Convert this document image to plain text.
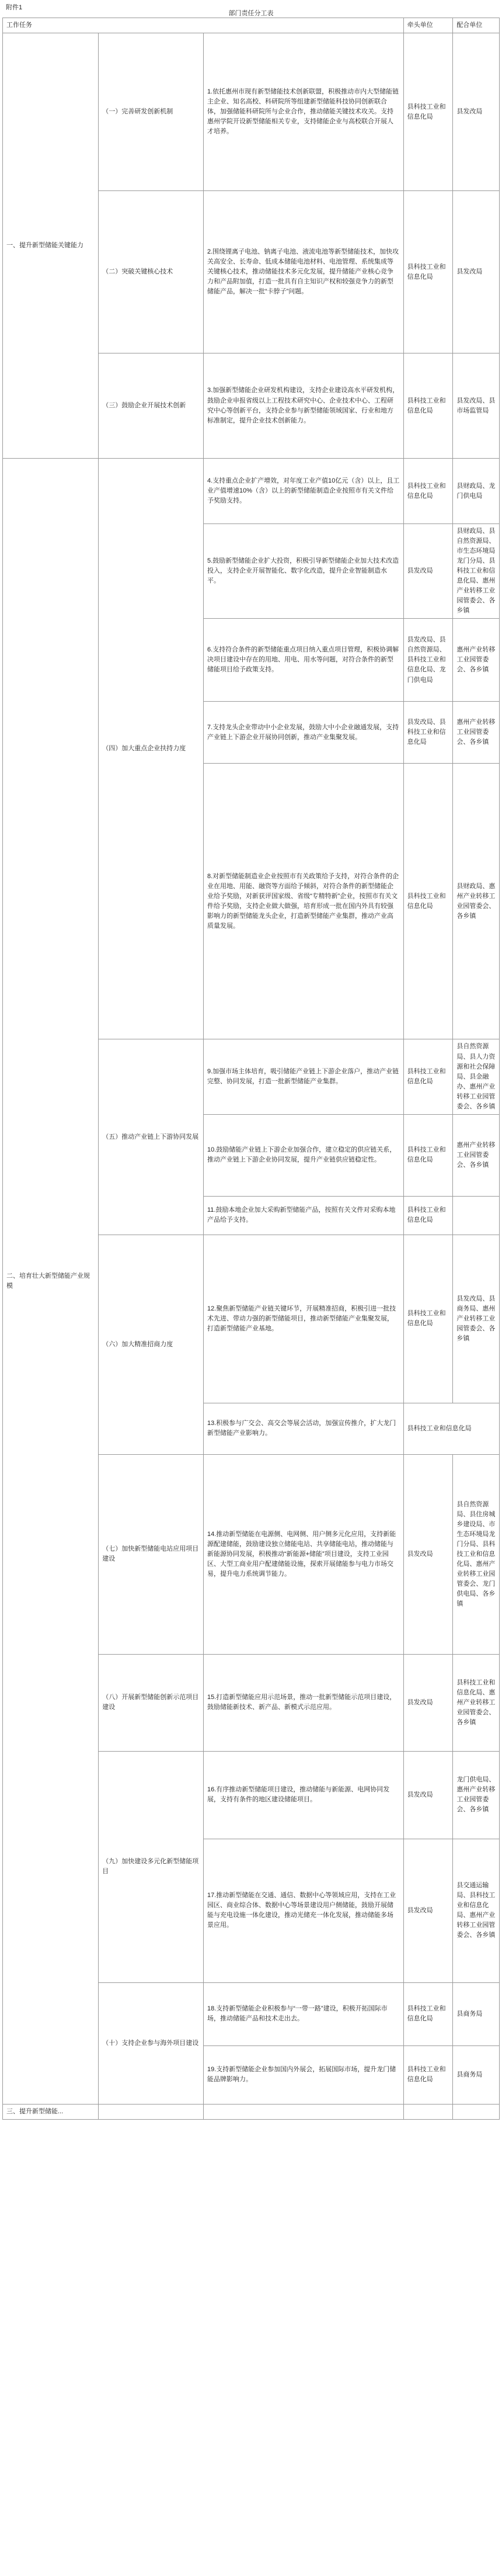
附件1
部门责任分工表
工作任务			牵头单位	配合单位
一、提升新型储能关键能力	（一）完善研发创新机制	1.依托惠州市现有新型储能技术创新联盟，积极推动市内大型储能链主企业、知名高校、科研院所等组建新型储能科技协同创新联合体，加强储能科研院所与企业合作，推动储能关键技术攻关。支持惠州学院开设新型储能相关专业，支持储能企业与高校联合开展人才培养。	县科技工业和信息化局	县发改局
	（二）突破关键核心技术	2.围绕锂离子电池、钠离子电池、液流电池等新型储能技术，加快攻关高安全、长寿命、低成本储能电池材料、电池管理、系统集成等关键核心技术，推动储能技术多元化发展，提升储能产业核心竞争力和产品附加值，打造一批具有自主知识产权和较强竞争力的新型储能产品，解决一批“卡脖子”问题。	县科技工业和信息化局	县发改局
	（三）鼓励企业开展技术创新	3.加强新型储能企业研发机构建设，支持企业建设高水平研发机构，鼓励企业申报省级以上工程技术研究中心、企业技术中心、工程研究中心等创新平台，支持企业参与新型储能领域国家、行业和地方标准制定，提升企业技术创新能力。	县科技工业和信息化局	县发改局、县市场监管局
二、培育壮大新型储能产业规模	（四）加大重点企业扶持力度	4.支持重点企业扩产增效，对年度工业产值10亿元（含）以上，且工业产值增速10%（含）以上的新型储能制造企业按照市有关文件给予奖励支持。	县科技工业和信息化局	县财政局、龙门供电局
		5.鼓励新型储能企业扩大投资，积极引导新型储能企业加大技术改造投入，支持企业开展智能化、数字化改造，提升企业智能制造水平。	县发改局	县财政局、县自然资源局、市生态环境局龙门分局、县科技工业和信息化局、惠州产业转移工业园管委会、各乡镇
		6.支持符合条件的新型储能重点项目纳入重点项目管理，积极协调解决项目建设中存在的用地、用电、用水等问题，对符合条件的新型储能项目给予政策支持。	县发改局、县自然资源局、县科技工业和信息化局、龙门供电局	惠州产业转移工业园管委会、各乡镇
		7.支持龙头企业带动中小企业发展，鼓励大中小企业融通发展，支持产业链上下游企业开展协同创新，推动产业集聚发展。	县发改局、县科技工业和信息化局	惠州产业转移工业园管委会、各乡镇
		8.对新型储能制造业企业按照市有关政策给予支持，对符合条件的企业在用地、用能、融资等方面给予倾斜，对符合条件的新型储能企业给予奖励，对新获评国家级、省级“专精特新”企业，按照市有关文件给予奖励，支持企业做大做强，培育形成一批在国内外具有较强影响力的新型储能龙头企业，打造新型储能产业集群，推动产业高质量发展。	县科技工业和信息化局	县财政局、惠州产业转移工业园管委会、各乡镇
	（五）推动产业链上下游协同发展	9.加强市场主体培育，吸引储能产业链上下游企业落户，推动产业链完整、协同发展，打造一批新型储能产业集群。	县科技工业和信息化局	县自然资源局、县人力资源和社会保障局、县金融办、惠州产业转移工业园管委会、各乡镇
		10.鼓励储能产业链上下游企业加强合作，建立稳定的供应链关系，推动产业链上下游企业协同发展，提升产业链供应链稳定性。	县科技工业和信息化局	惠州产业转移工业园管委会、各乡镇
		11.鼓励本地企业加大采购新型储能产品，按照有关文件对采购本地产品给予支持。	县科技工业和信息化局	
	（六）加大精准招商力度	12.聚焦新型储能产业链关键环节，开展精准招商，积极引进一批技术先进、带动力强的新型储能项目，推动新型储能产业集聚发展，打造新型储能产业基地。	县科技工业和信息化局	县发改局、县商务局、惠州产业转移工业园管委会、各乡镇
		13.积极参与广交会、高交会等展会活动，加强宣传推介，扩大龙门新型储能产业影响力。	县科技工业和信息化局	
	（七）加快新型储能电站应用项目建设	14.推动新型储能在电源侧、电网侧、用户侧多元化应用，支持新能源配建储能，鼓励建设独立储能电站、共享储能电站，推动储能与新能源协同发展，积极推动“新能源+储能”项目建设，支持工业园区、大型工商业用户配建储能设施，探索开展储能参与电力市场交易，提升电力系统调节能力。	县发改局	县自然资源局、县住房城乡建设局、市生态环境局龙门分局、县科技工业和信息化局、惠州产业转移工业园管委会、龙门供电局、各乡镇
	（八）开展新型储能创新示范项目建设	15.打造新型储能应用示范场景，推动一批新型储能示范项目建设，鼓励储能新技术、新产品、新模式示范应用。	县发改局	县科技工业和信息化局、惠州产业转移工业园管委会、各乡镇
	（九）加快建设多元化新型储能项目	16.有序推动新型储能项目建设，推动储能与新能源、电网协同发展，支持有条件的地区建设储能项目。	县发改局	龙门供电局、惠州产业转移工业园管委会、各乡镇
		17.推动新型储能在交通、通信、数据中心等领域应用，支持在工业园区、商业综合体、数据中心等场景建设用户侧储能，鼓励开展储能与充电设施一体化建设，推动光储充一体化发展，推动储能多场景应用。	县发改局	县交通运输局、县科技工业和信息化局、惠州产业转移工业园管委会、各乡镇
	（十）支持企业参与海外项目建设	18.支持新型储能企业积极参与“一带一路”建设，积极开拓国际市场，推动储能产品和技术走出去。	县科技工业和信息化局	县商务局
		19.支持新型储能企业参加国内外展会，拓展国际市场，提升龙门储能品牌影响力。	县科技工业和信息化局	县商务局
三、提升新型储能...				
